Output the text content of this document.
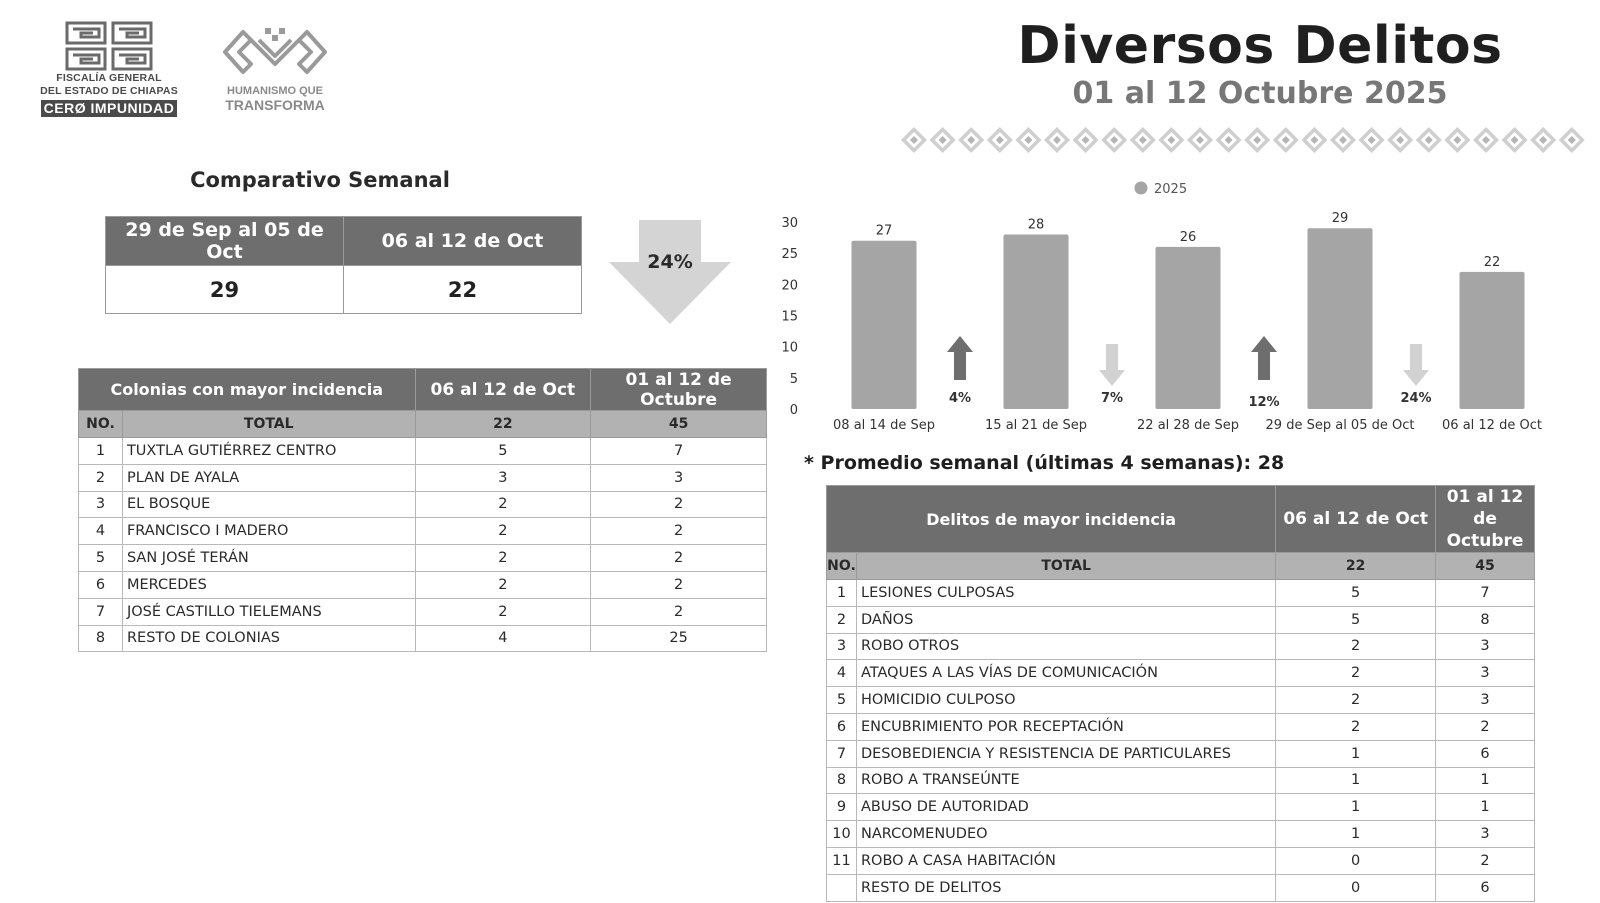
FISCALÍA GENERAL
DEL ESTADO DE CHIAPAS
CERØ IMPUNIDAD
HUMANISMO QUE
TRANSFORMA
Diversos Delitos
01 al 12 Octubre 2025
Comparativo Semanal
29 de Sep al 05 de Oct	06 al 12 de Oct
29	22
24%
Colonias con mayor incidencia		06 al 12 de Oct	01 al 12 de Octubre
NO.	TOTAL	22	45
1	TUXTLA GUTIÉRREZ CENTRO	5	7
2	PLAN DE AYALA	3	3
3	EL BOSQUE	2	2
4	FRANCISCO I MADERO	2	2
5	SAN JOSÉ TERÁN	2	2
6	MERCEDES	2	2
7	JOSÉ CASTILLO TIELEMANS	2	2
8	RESTO DE COLONIAS	4	25
2025
0
5
10
15
20
25
30
27
08 al 14 de Sep
28
15 al 21 de Sep
26
22 al 28 de Sep
29
29 de Sep al 05 de Oct
22
06 al 12 de Oct
4%	7%	12%	24%
* Promedio semanal (últimas 4 semanas): 28
Delitos de mayor incidencia		06 al 12 de Oct	01 al 12 de
Octubre
NO.	TOTAL	22	45
1	LESIONES CULPOSAS	5	7
2	DAÑOS	5	8
3	ROBO OTROS	2	3
4	ATAQUES A LAS VÍAS DE COMUNICACIÓN	2	3
5	HOMICIDIO CULPOSO	2	3
6	ENCUBRIMIENTO POR RECEPTACIÓN	2	2
7	DESOBEDIENCIA Y RESISTENCIA DE PARTICULARES	1	6
8	ROBO A TRANSEÚNTE	1	1
9	ABUSO DE AUTORIDAD	1	1
10	NARCOMENUDEO	1	3
11	ROBO A CASA HABITACIÓN	0	2
	RESTO DE DELITOS	0	6
